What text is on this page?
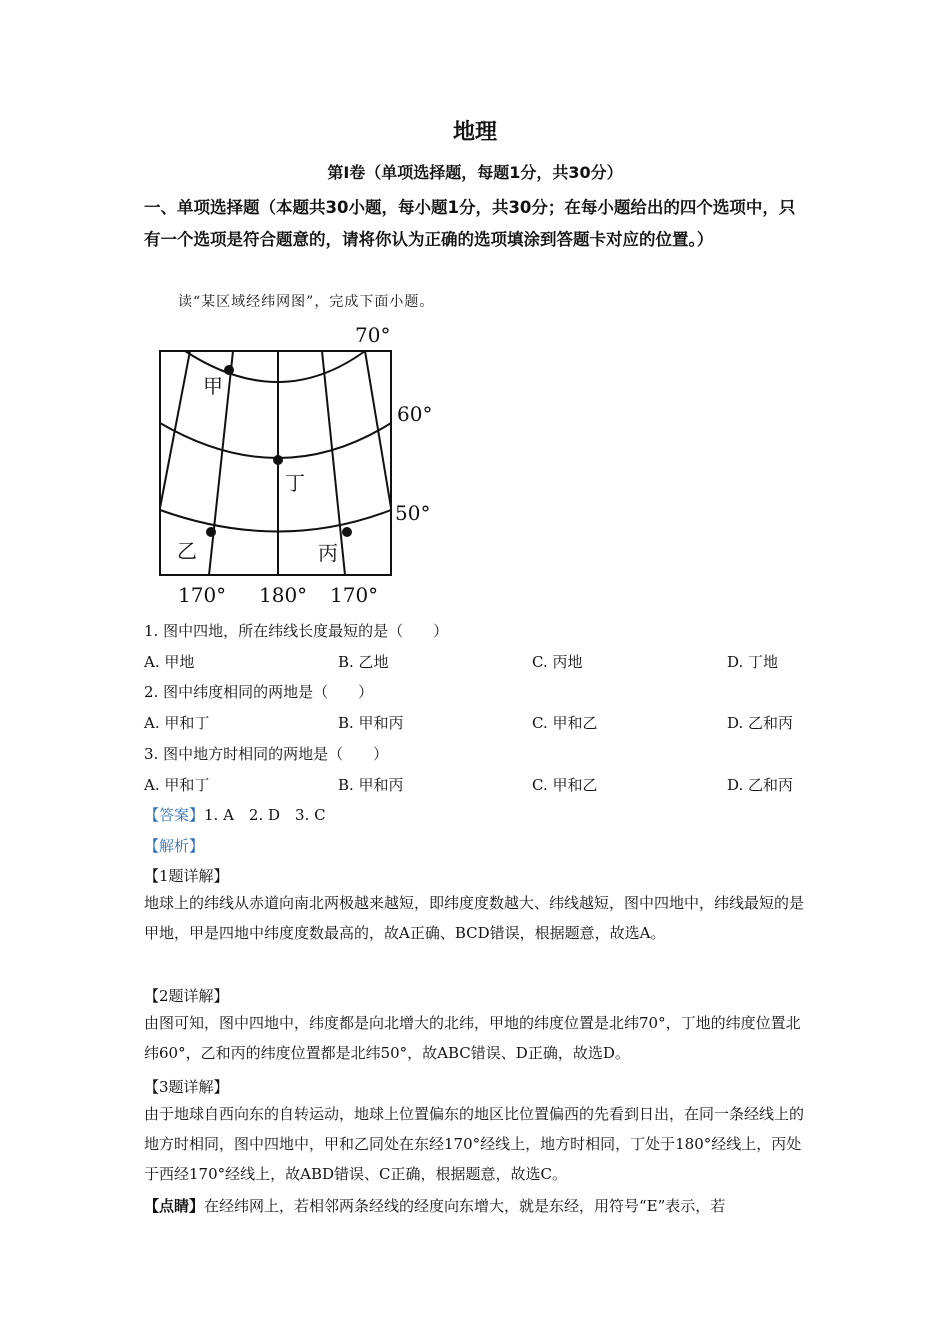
地理
第Ⅰ卷（单项选择题，每题1分，共30分）
一、单项选择题（本题共30小题，每小题1分，共30分；在每小题给出的四个选项中，只有一个选项是符合题意的，请将你认为正确的选项填涂到答题卡对应的位置。）
读“某区域经纬网图”，完成下面小题。
甲
丁
乙	丙
70°
60°
50°
170° 180° 170°
1. 图中四地，所在纬线长度最短的是（　　）
A. 甲地	B. 乙地	C. 丙地	D. 丁地
2. 图中纬度相同的两地是（　　）
A. 甲和丁	B. 甲和丙	C. 甲和乙	D. 乙和丙
3. 图中地方时相同的两地是（　　）
A. 甲和丁	B. 甲和丙	C. 甲和乙	D. 乙和丙
【答案】1. A　2. D　3. C
【解析】
【1题详解】
地球上的纬线从赤道向南北两极越来越短，即纬度度数越大、纬线越短，图中四地中，纬线最短的是甲地，甲是四地中纬度度数最高的，故A正确、BCD错误，根据题意，故选A。
【2题详解】
由图可知，图中四地中，纬度都是向北增大的北纬，甲地的纬度位置是北纬70°，丁地的纬度位置北纬60°，乙和丙的纬度位置都是北纬50°，故ABC错误、D正确，故选D。
【3题详解】
由于地球自西向东的自转运动，地球上位置偏东的地区比位置偏西的先看到日出，在同一条经线上的地方时相同，图中四地中，甲和乙同处在东经170°经线上，地方时相同，丁处于180°经线上，丙处于西经170°经线上，故ABD错误、C正确，根据题意，故选C。
【点睛】在经纬网上，若相邻两条经线的经度向东增大，就是东经，用符号“E”表示，若
